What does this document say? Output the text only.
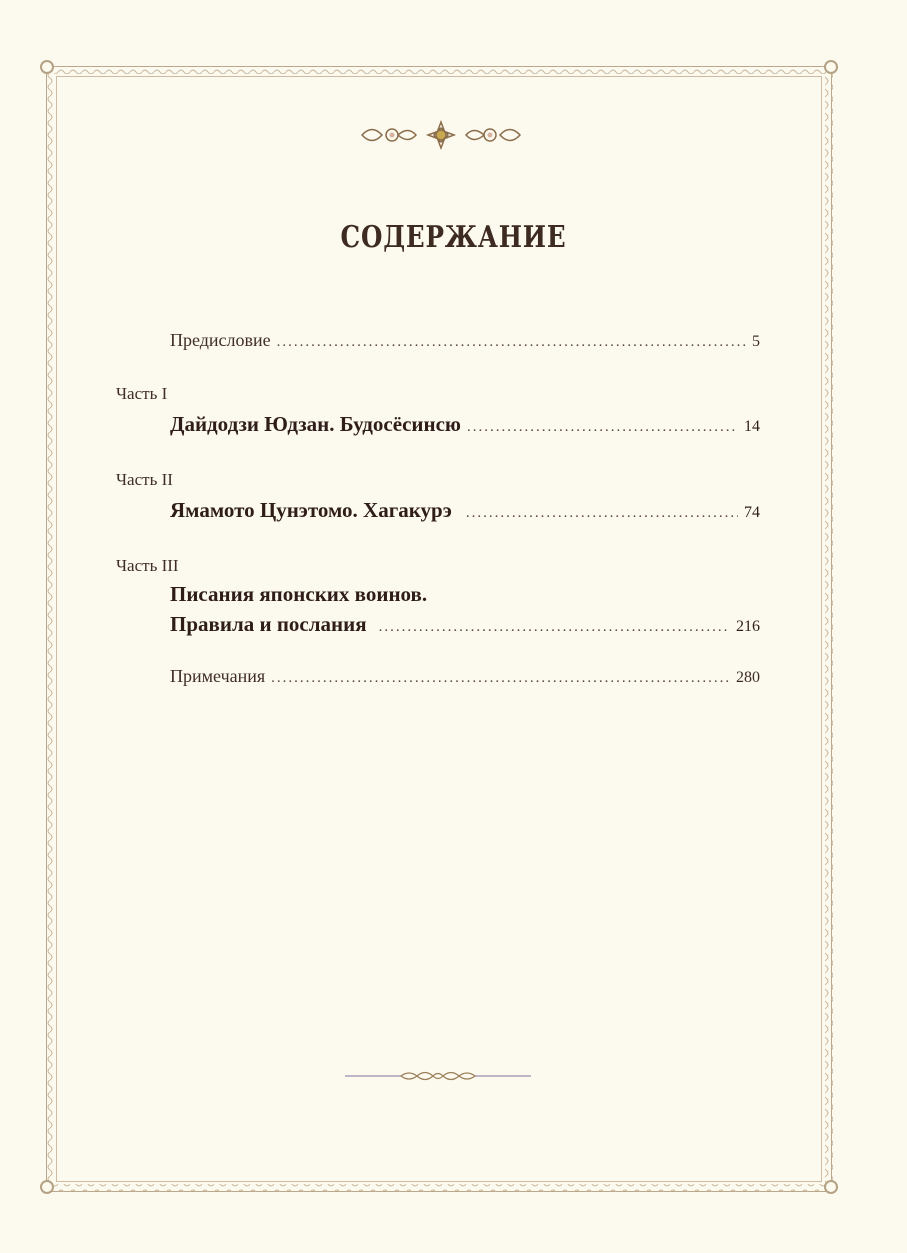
СОДЕРЖАНИЕ
Предисловие .....	5
Часть I
Дайдодзи Юдзан. Будосёсинсю .....	14
Часть II
Ямамото Цунэтомо. Хагакурэ .....	74
Часть III
Писания японских воинов.
Правила и послания .....	216
Примечания .....	280
